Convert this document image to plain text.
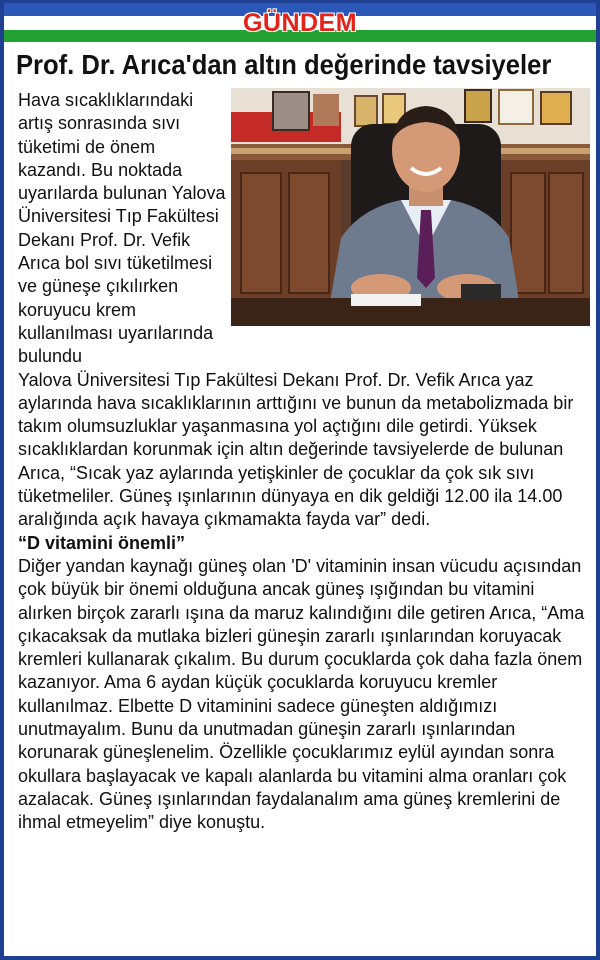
GÜNDEM
Prof. Dr. Arıca'dan altın değerinde tavsiyeler

Hava sıcaklıklarındaki artış sonrasında sıvı tüketimi de önem kazandı. Bu noktada uyarılarda bulunan Yalova Üniversitesi Tıp Fakültesi Dekanı Prof. Dr. Vefik Arıca bol sıvı tüketilmesi ve güneşe çıkılırken koruyucu krem kullanılması uyarılarında bulundu

Yalova Üniversitesi Tıp Fakültesi Dekanı Prof. Dr. Vefik Arıca yaz aylarında hava sıcaklıklarının arttığını ve bunun da metabolizmada bir takım olumsuzluklar yaşanmasına yol açtığını dile getirdi. Yüksek sıcaklıklardan korunmak için altın değerinde tavsiyelerde de bulunan Arıca, “Sıcak yaz aylarında yetişkinler de çocuklar da çok sık sıvı tüketmeliler. Güneş ışınlarının dünyaya en dik geldiği 12.00 ila 14.00 aralığında açık havaya çıkmamakta fayda var” dedi.

“D vitamini önemli”

Diğer yandan kaynağı güneş olan 'D' vitaminin insan vücudu açısından çok büyük bir önemi olduğuna ancak güneş ışığından bu vitamini alırken birçok zararlı ışına da maruz kalındığını dile getiren Arıca, “Ama çıkacaksak da mutlaka bizleri güneşin zararlı ışınlarından koruyacak kremleri kullanarak çıkalım. Bu durum çocuklarda çok daha fazla önem kazanıyor. Ama 6 aydan küçük çocuklarda koruyucu kremler kullanılmaz. Elbette D vitaminini sadece güneşten aldığımızı unutmayalım. Bunu da unutmadan güneşin zararlı ışınlarından korunarak güneşlenelim. Özellikle çocuklarımız eylül ayından sonra okullara başlayacak ve kapalı alanlarda bu vitamini alma oranları çok azalacak. Güneş ışınlarından faydalanalım ama güneş kremlerini de ihmal etmeyelim” diye konuştu.
